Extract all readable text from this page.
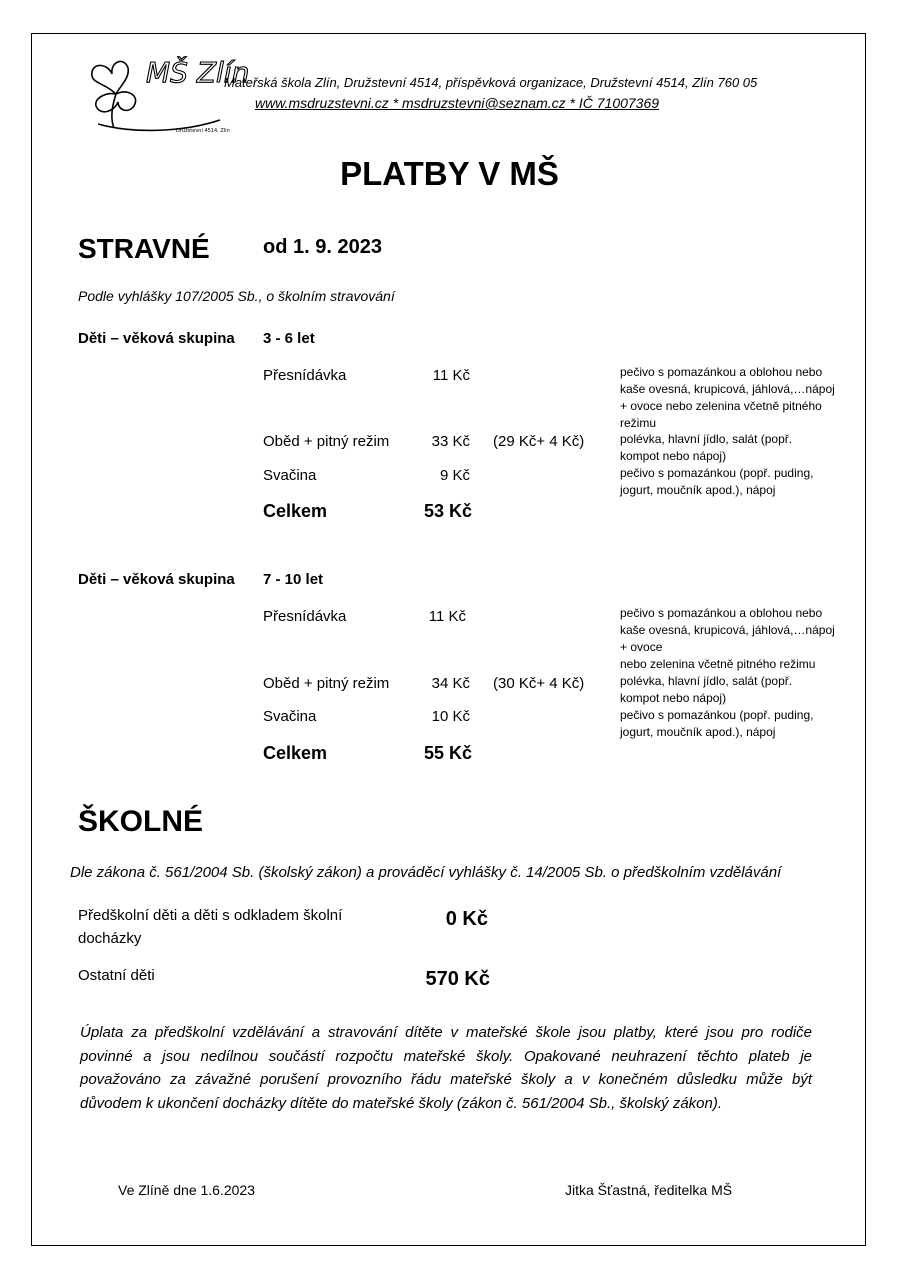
MŠ Zlín
Družstevní 4514, Zlín
Mateřská škola Zlín, Družstevní 4514, příspěvková organizace, Družstevní 4514, Zlín 760 05
www.msdruzstevni.cz * msdruzstevni@seznam.cz * IČ 71007369
PLATBY V MŠ
STRAVNÉ	od 1. 9. 2023
Podle vyhlášky 107/2005 Sb., o školním stravování
Děti – věková skupina 3 - 6 let
Přesnídávka	11 Kč	pečivo s pomazánkou a oblohou nebo
kaše ovesná, krupicová, jáhlová,…nápoj
+ ovoce nebo zelenina včetně pitného
režimu
Oběd + pitný režim	33 Kč (29 Kč+ 4 Kč)	polévka, hlavní jídlo, salát (popř.
kompot nebo nápoj)
Svačina	9 Kč	pečivo s pomazánkou (popř. puding,
jogurt, moučník apod.), nápoj
Celkem	53 Kč
Děti – věková skupina 7 - 10 let
Přesnídávka	11 Kč	pečivo s pomazánkou a oblohou nebo
kaše ovesná, krupicová, jáhlová,…nápoj
+ ovoce
nebo zelenina včetně pitného režimu
Oběd + pitný režim	34 Kč (30 Kč+ 4 Kč)	polévka, hlavní jídlo, salát (popř.
kompot nebo nápoj)
Svačina	10 Kč	pečivo s pomazánkou (popř. puding,
jogurt, moučník apod.), nápoj
Celkem	55 Kč
ŠKOLNÉ
Dle zákona č. 561/2004 Sb. (školský zákon) a prováděcí vyhlášky č. 14/2005 Sb. o předškolním vzdělávání
Předškolní děti a děti s odkladem školní
docházky
0 Kč
Ostatní děti	570 Kč
Úplata za předškolní vzdělávání a stravování dítěte v mateřské škole jsou platby, které jsou pro rodiče povinné a jsou nedílnou součástí rozpočtu mateřské školy. Opakované neuhrazení těchto plateb je považováno za závažné porušení provozního řádu mateřské školy a v konečném důsledku může být důvodem k ukončení docházky dítěte do mateřské školy (zákon č. 561/2004 Sb., školský zákon).
Ve Zlíně dne 1.6.2023	Jitka Šťastná, ředitelka MŠ
